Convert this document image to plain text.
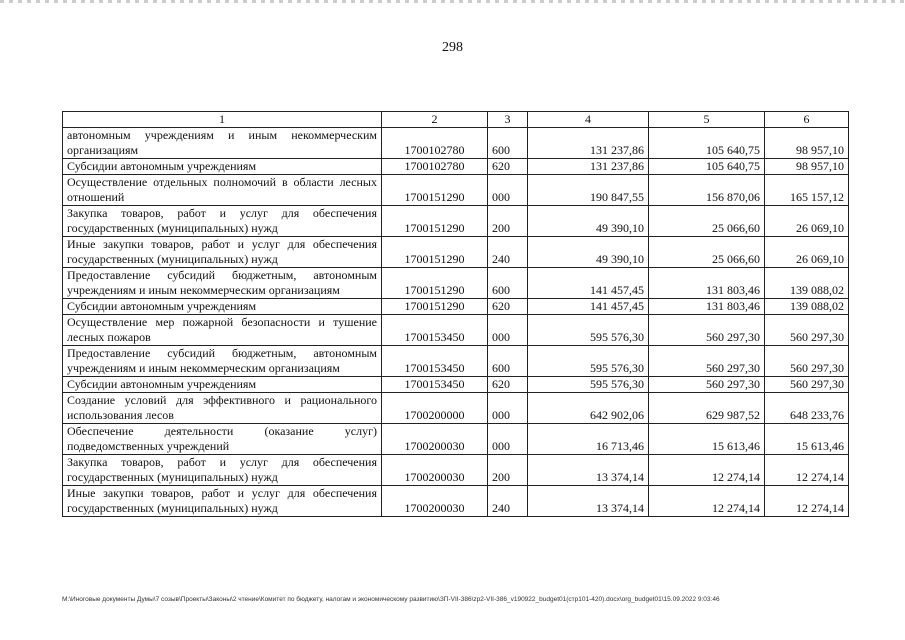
298
1	2	3	4	5	6
автономным учреждениям и иным некоммерческим организациям	1700102780	600	131 237,86	105 640,75	98 957,10
Субсидии автономным учреждениям	1700102780	620	131 237,86	105 640,75	98 957,10
Осуществление отдельных полномочий в области лесных отношений	1700151290	000	190 847,55	156 870,06	165 157,12
Закупка товаров, работ и услуг для обеспечения государственных (муниципальных) нужд	1700151290	200	49 390,10	25 066,60	26 069,10
Иные закупки товаров, работ и услуг для обеспечения государственных (муниципальных) нужд	1700151290	240	49 390,10	25 066,60	26 069,10
Предоставление субсидий бюджетным, автономным учреждениям и иным некоммерческим организациям	1700151290	600	141 457,45	131 803,46	139 088,02
Субсидии автономным учреждениям	1700151290	620	141 457,45	131 803,46	139 088,02
Осуществление мер пожарной безопасности и тушение лесных пожаров	1700153450	000	595 576,30	560 297,30	560 297,30
Предоставление субсидий бюджетным, автономным учреждениям и иным некоммерческим организациям	1700153450	600	595 576,30	560 297,30	560 297,30
Субсидии автономным учреждениям	1700153450	620	595 576,30	560 297,30	560 297,30
Создание условий для эффективного и рационального использования лесов	1700200000	000	642 902,06	629 987,52	648 233,76
Обеспечение деятельности (оказание услуг) подведомственных учреждений	1700200030	000	16 713,46	15 613,46	15 613,46
Закупка товаров, работ и услуг для обеспечения государственных (муниципальных) нужд	1700200030	200	13 374,14	12 274,14	12 274,14
Иные закупки товаров, работ и услуг для обеспечения государственных (муниципальных) нужд	1700200030	240	13 374,14	12 274,14	12 274,14
M:\Иноговые документы Думы\7 созыв\Проекты\Законы\2 чтение\Комитет по бюджету, налогам и экономическому развитию\ЗП-VII-386\zp2-VII-386_v190922_budget01(стр101-420).docx\org_budget01\15.09.2022 9:03:46
